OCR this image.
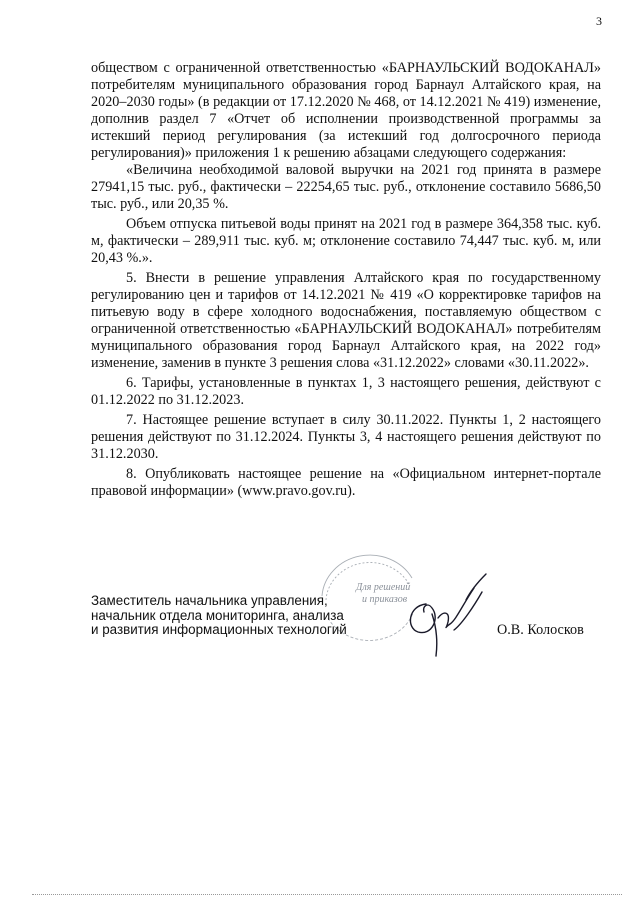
3

обществом с ограниченной ответственностью «БАРНАУЛЬСКИЙ ВОДОКАНАЛ» потребителям муниципального образования город Барнаул Алтайского края, на 2020–2030 годы» (в редакции от 17.12.2020 № 468, от 14.12.2021 № 419) изменение, дополнив раздел 7 «Отчет об исполнении производственной программы за истекший период регулирования (за истекший год долгосрочного периода регулирования)» приложения 1 к решению абзацами следующего содержания:

«Величина необходимой валовой выручки на 2021 год принята в размере 27941,15 тыс. руб., фактически – 22254,65 тыс. руб., отклонение составило 5686,50 тыс. руб., или 20,35 %.

Объем отпуска питьевой воды принят на 2021 год в размере 364,358 тыс. куб. м, фактически – 289,911 тыс. куб. м; отклонение составило 74,447 тыс. куб. м, или 20,43 %.».

5. Внести в решение управления Алтайского края по государственному регулированию цен и тарифов от 14.12.2021 № 419 «О корректировке тарифов на питьевую воду в сфере холодного водоснабжения, поставляемую обществом с ограниченной ответственностью «БАРНАУЛЬСКИЙ ВОДОКАНАЛ» потребителям муниципального образования город Барнаул Алтайского края, на 2022 год» изменение, заменив в пункте 3 решения слова «31.12.2022» словами «30.11.2022».

6. Тарифы, установленные в пунктах 1, 3 настоящего решения, действуют с 01.12.2022 по 31.12.2023.

7. Настоящее решение вступает в силу 30.11.2022. Пункты 1, 2 настоящего решения действуют по 31.12.2024. Пункты 3, 4 настоящего решения действуют по 31.12.2030.

8. Опубликовать настоящее решение на «Официальном интернет-портале правовой информации» (www.pravo.gov.ru).

Для решений
и приказов
Заместитель начальника управления,
начальник отдела мониторинга, анализа
и развития информационных технологий	О.В. Колосков
